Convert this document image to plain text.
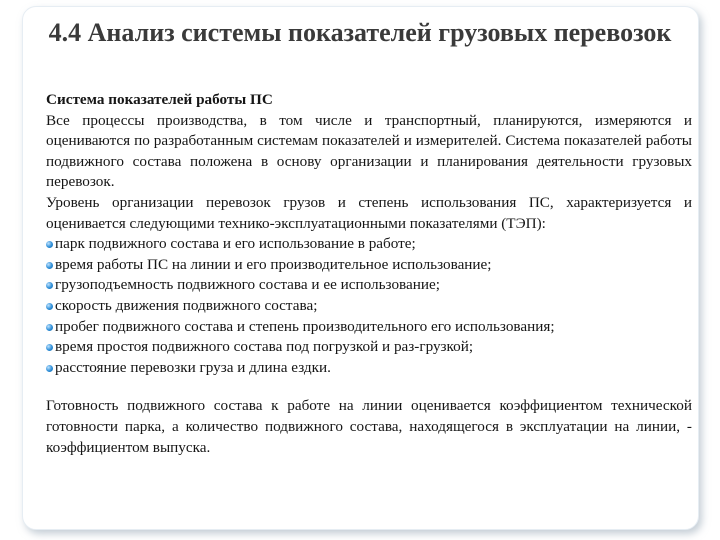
4.4 Анализ системы показателей грузовых перевозок

Система показателей работы ПС

Все процессы производства, в том числе и транспортный, планируются, измеряются и оцениваются по разработанным системам показателей и измерителей. Система показателей работы подвижного состава положена в основу организации и планирования деятельности грузовых перевозок.

Уровень организации перевозок грузов и степень использования ПС, характеризуется и оценивается следующими технико-эксплуатационными показателями (ТЭП):

парк подвижного состава и его использование в работе;
время работы ПС на линии и его производительное использование;
грузоподъемность подвижного состава и ее использование;
скорость движения подвижного состава;
пробег подвижного состава и степень производительного его использования;
время простоя подвижного состава под погрузкой и раз-грузкой;
расстояние перевозки груза и длина ездки.

Готовность подвижного состава к работе на линии оценивается коэффициентом технической готовности парка, а количество подвижного состава, находящегося в эксплуатации на линии, - коэффициентом выпуска.
